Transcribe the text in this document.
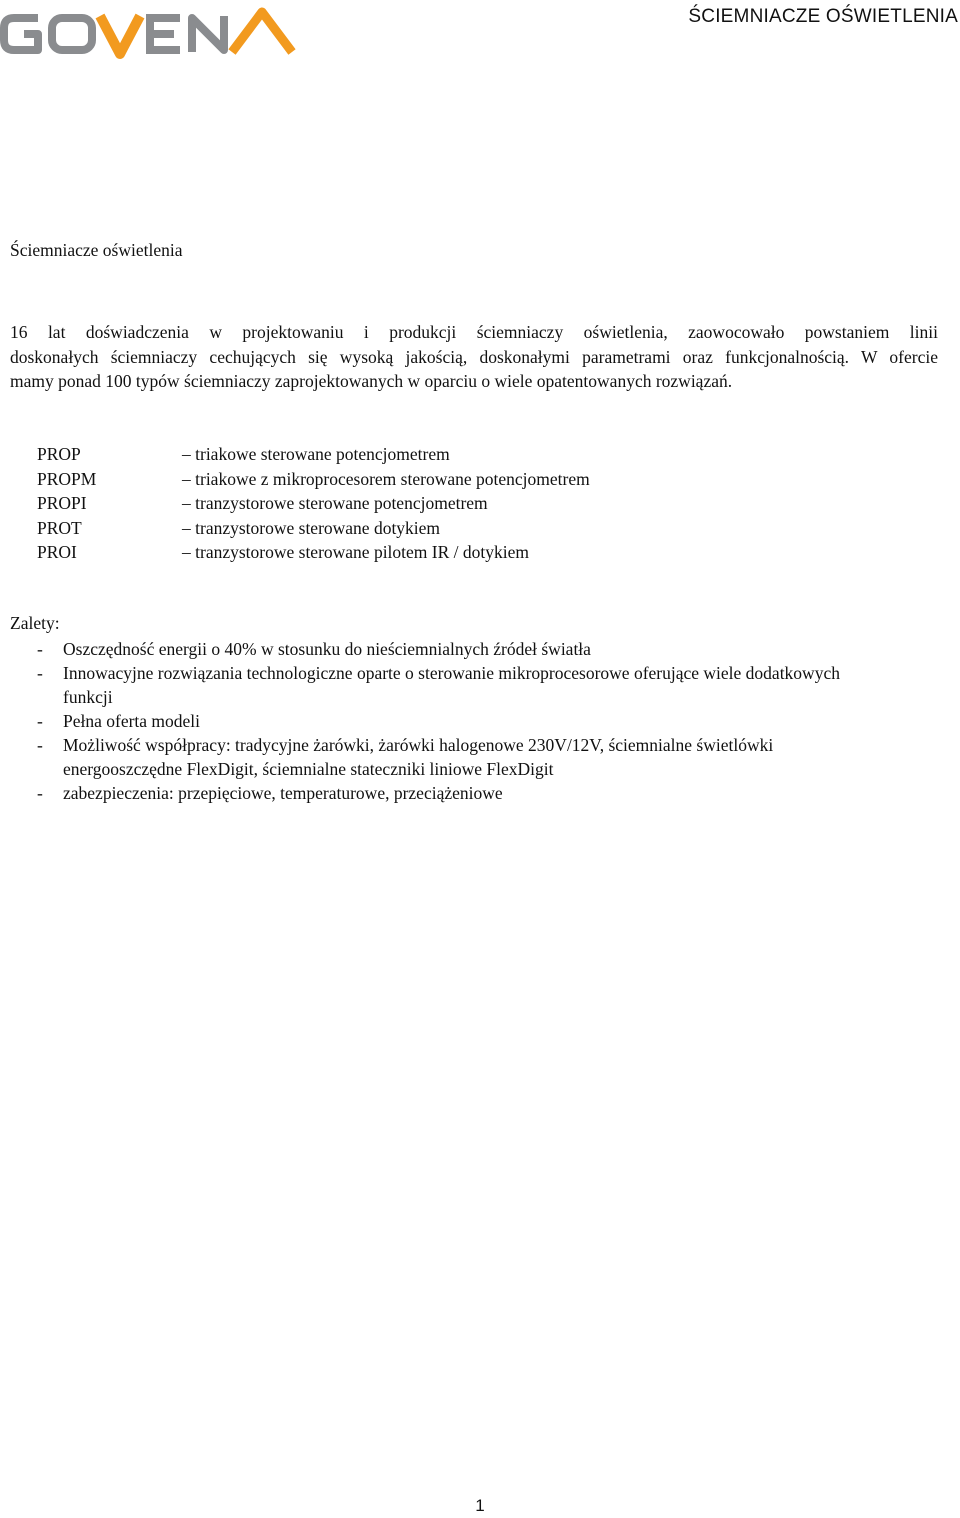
ŚCIEMNIACZE OŚWIETLENIA
Ściemniacze oświetlenia

16 lat doświadczenia w projektowaniu i produkcji ściemniaczy oświetlenia, zaowocowało powstaniem linii
doskonałych ściemniaczy cechujących się wysoką jakością, doskonałymi parametrami oraz funkcjonalnością. W ofercie
mamy ponad 100 typów ściemniaczy zaprojektowanych w oparciu o wiele opatentowanych rozwiązań.

PROP	– triakowe sterowane potencjometrem
PROPM	– triakowe z mikroprocesorem sterowane potencjometrem
PROPI	– tranzystorowe sterowane potencjometrem
PROT	– tranzystorowe sterowane dotykiem
PROI	– tranzystorowe sterowane pilotem IR / dotykiem
Zalety:
- Oszczędność energii o 40% w stosunku do nieściemnialnych źródeł światła
- Innowacyjne rozwiązania technologiczne oparte o sterowanie mikroprocesorowe oferujące wiele dodatkowych
funkcji
- Pełna oferta modeli
- Możliwość współpracy: tradycyjne żarówki, żarówki halogenowe 230V/12V, ściemnialne świetlówki
energooszczędne FlexDigit, ściemnialne stateczniki liniowe FlexDigit
- zabezpieczenia: przepięciowe, temperaturowe, przeciążeniowe
1
